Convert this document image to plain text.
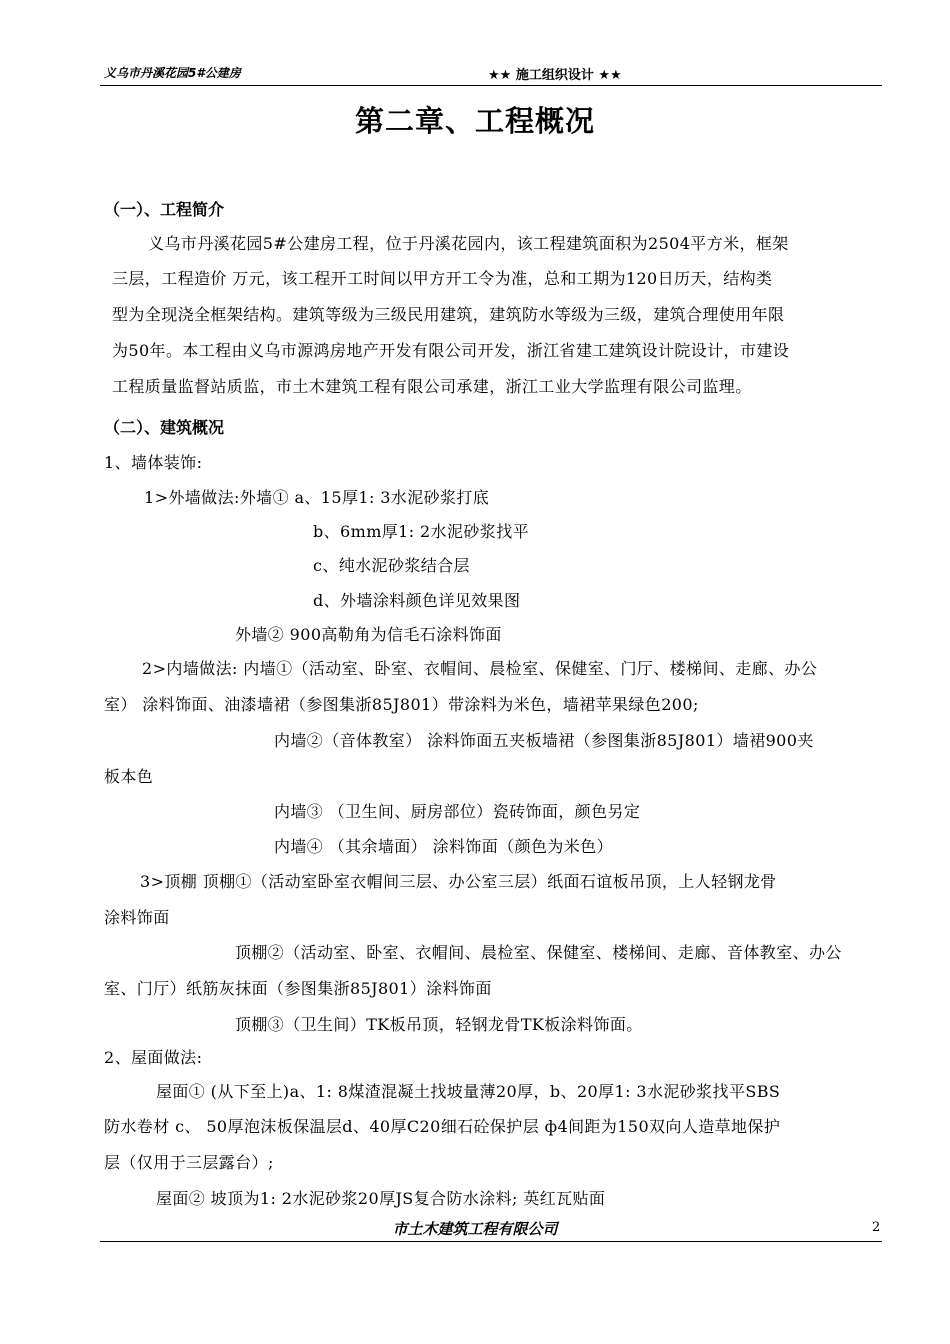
义乌市丹溪花园5#公建房	★★ 施工组织设计 ★★
第二章、工程概况
（一）、工程简介
义乌市丹溪花园5#公建房工程，位于丹溪花园内，该工程建筑面积为2504平方米，框架
三层，工程造价 万元，该工程开工时间以甲方开工令为准，总和工期为120日历天，结构类
型为全现浇全框架结构。建筑等级为三级民用建筑，建筑防水等级为三级，建筑合理使用年限
为50年。本工程由义乌市源鸿房地产开发有限公司开发，浙江省建工建筑设计院设计，市建设
工程质量监督站质监，市土木建筑工程有限公司承建，浙江工业大学监理有限公司监理。
（二）、建筑概况
1、墙体装饰:
1>外墙做法:外墙① a、15厚1: 3水泥砂浆打底
b、6mm厚1: 2水泥砂浆找平
c、纯水泥砂浆结合层
d、外墙涂料颜色详见效果图
外墙② 900高勒角为信毛石涂料饰面
2>内墙做法: 内墙①（活动室、卧室、衣帽间、晨检室、保健室、门厅、楼梯间、走廊、办公
室） 涂料饰面、油漆墙裙（参图集浙85J801）带涂料为米色，墙裙苹果绿色200;
内墙②（音体教室） 涂料饰面五夹板墙裙（参图集浙85J801）墙裙900夹
板本色
内墙③ （卫生间、厨房部位）瓷砖饰面，颜色另定
内墙④ （其余墙面） 涂料饰面（颜色为米色）
3>顶棚 顶棚①（活动室卧室衣帽间三层、办公室三层）纸面石谊板吊顶，上人轻钢龙骨
涂料饰面
顶棚②（活动室、卧室、衣帽间、晨检室、保健室、楼梯间、走廊、音体教室、办公
室、门厅）纸筋灰抹面（参图集浙85J801）涂料饰面
顶棚③（卫生间）TK板吊顶，轻钢龙骨TK板涂料饰面。
2、屋面做法:
屋面① (从下至上)a、1: 8煤渣混凝土找坡量薄20厚，b、20厚1: 3水泥砂浆找平SBS
防水卷材 c、 50厚泡沫板保温层d、40厚C20细石砼保护层 ф4间距为150双向人造草地保护
层（仅用于三层露台）;
屋面② 坡顶为1: 2水泥砂浆20厚JS复合防水涂料; 英红瓦贴面
市土木建筑工程有限公司	2
